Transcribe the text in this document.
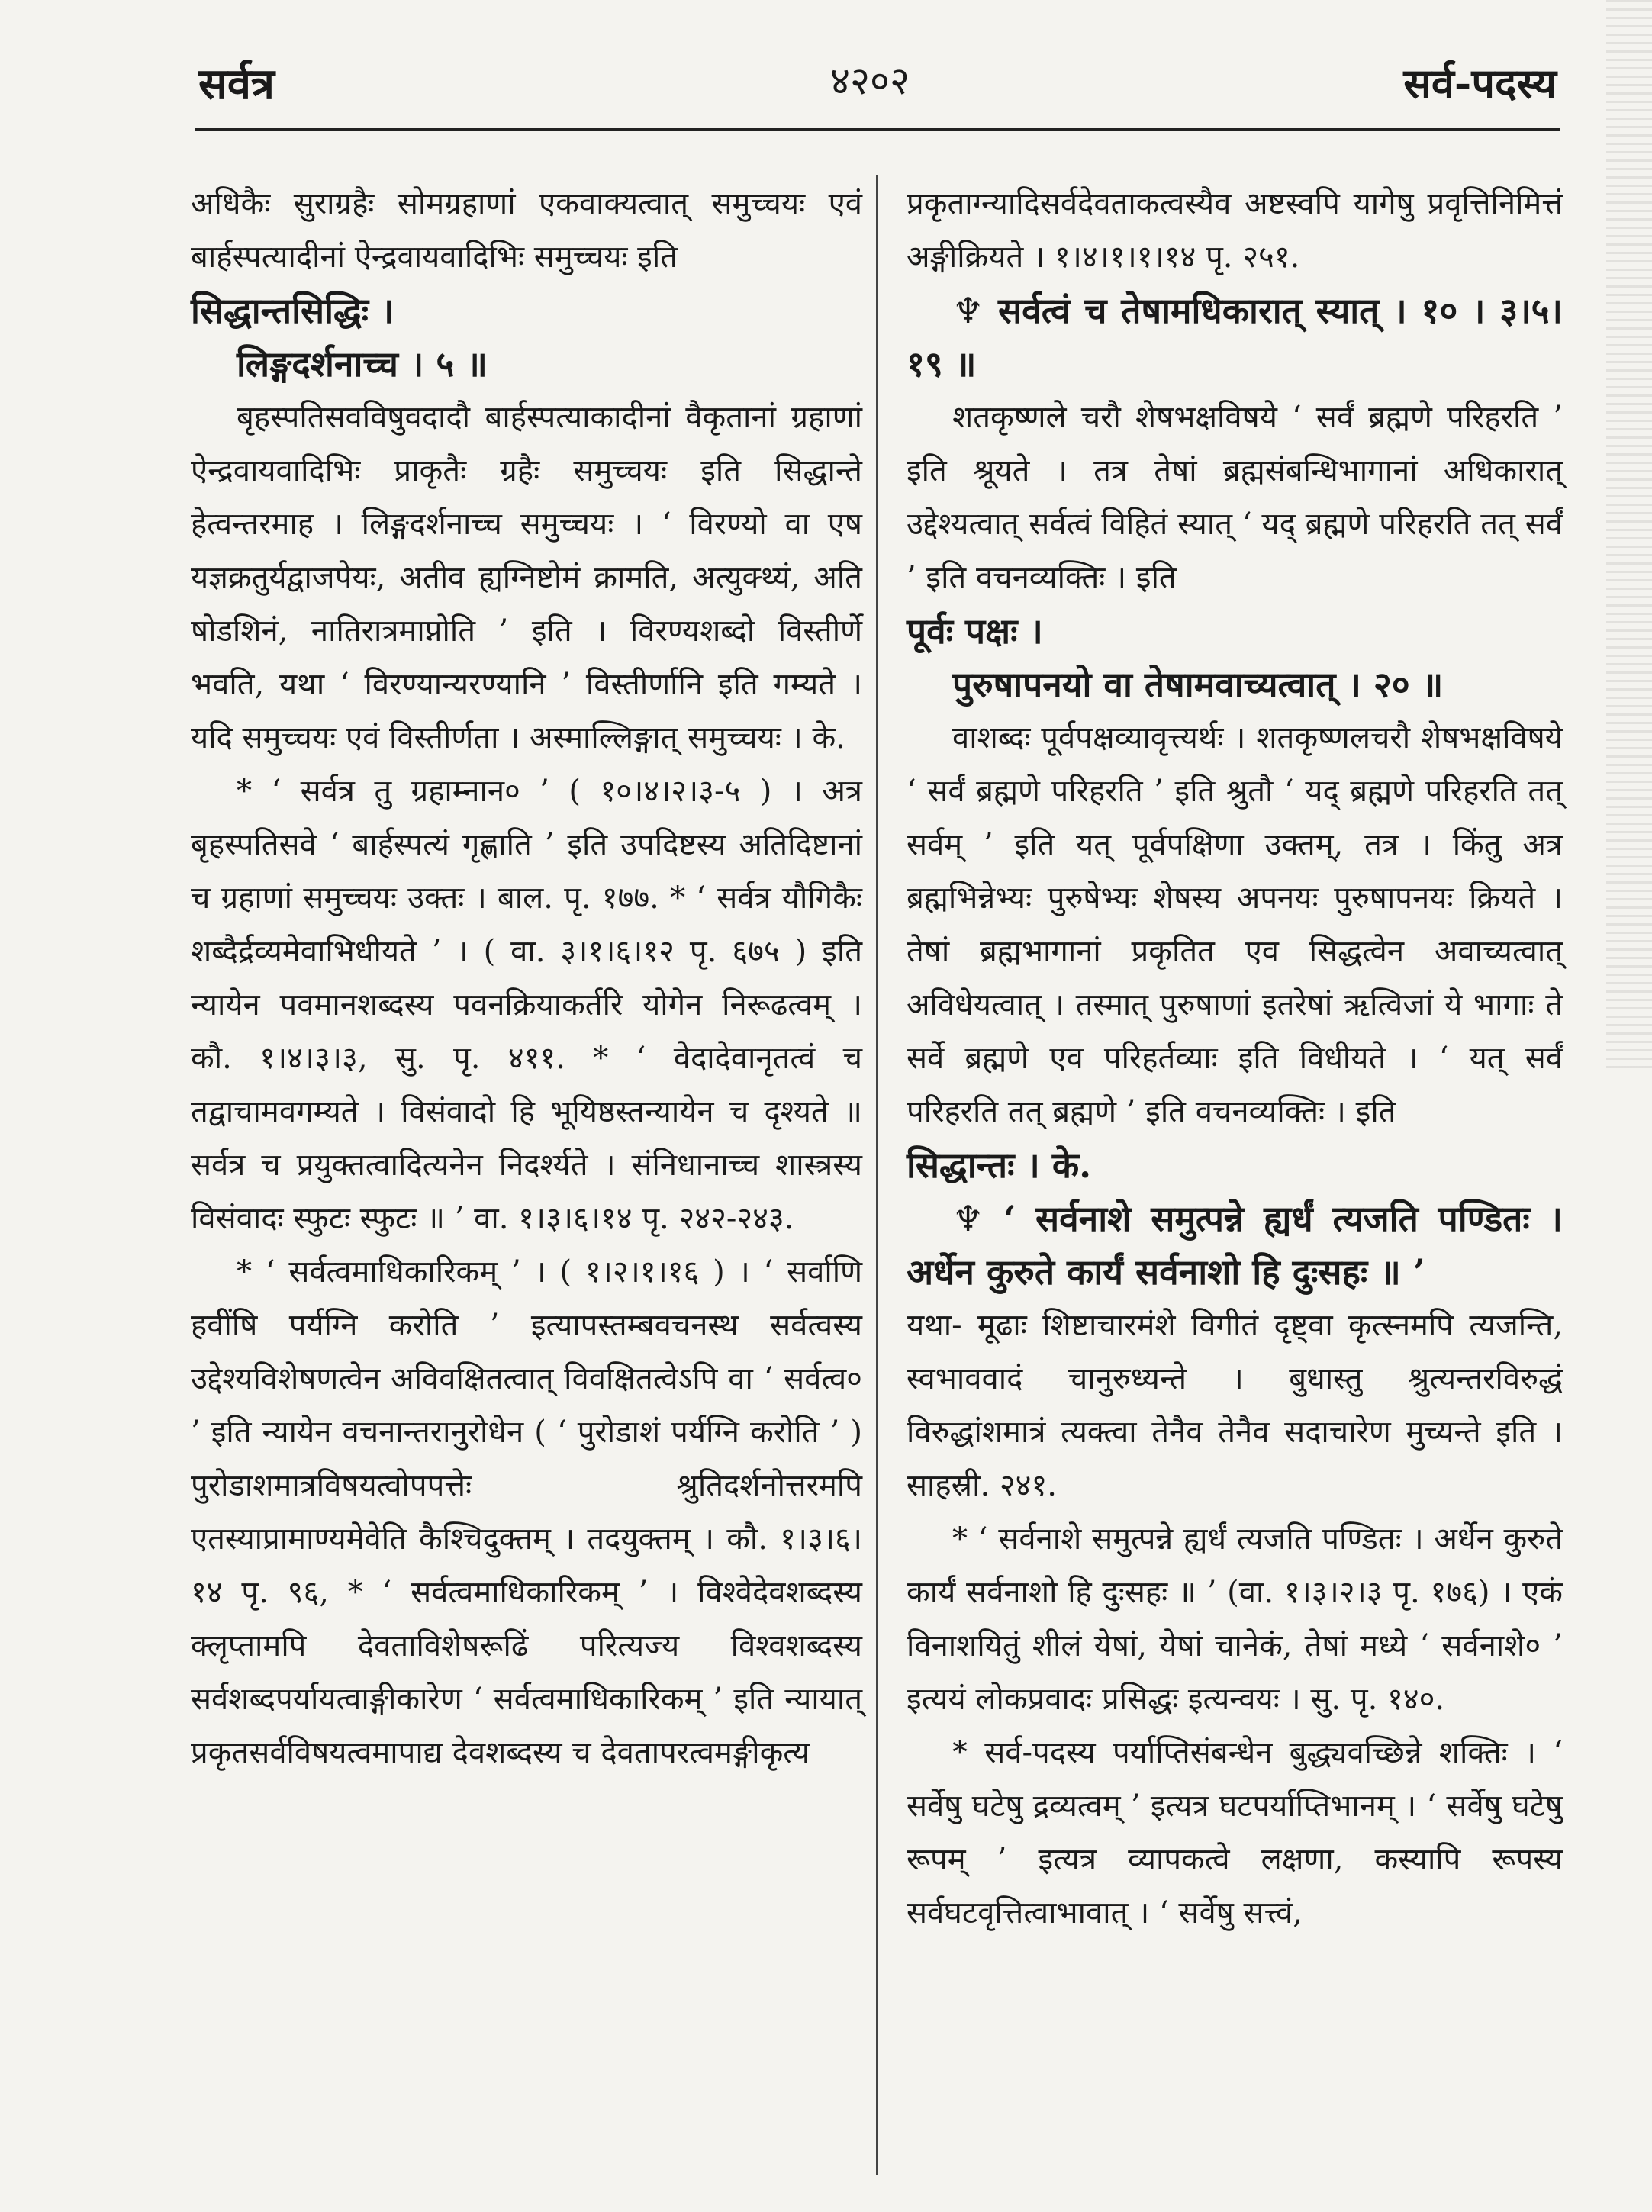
सर्वत्र	४२०२	सर्व-पदस्य

अधिकैः सुराग्रहैः सोमग्रहाणां एकवाक्यत्वात् समुच्चयः एवं बार्हस्पत्यादीनां ऐन्द्रवायवादिभिः समुच्चयः इति

सिद्धान्तसिद्धिः ।

लिङ्गदर्शनाच्च । ५ ॥

बृहस्पतिसवविषुवदादौ बार्हस्पत्याकादीनां वैकृतानां ग्रहाणां ऐन्द्रवायवादिभिः प्राकृतैः ग्रहैः समुच्चयः इति सिद्धान्ते हेत्वन्तरमाह । लिङ्गदर्शनाच्च समुच्चयः । ‘ विरण्यो वा एष यज्ञक्रतुर्यद्वाजपेयः, अतीव ह्यग्निष्टोमं क्रामति, अत्युक्थ्यं, अति षोडशिनं, नातिरात्रमाप्नोति ’ इति । विरण्यशब्दो विस्तीर्णे भवति, यथा ‘ विरण्यान्यरण्यानि ’ विस्तीर्णानि इति गम्यते । यदि समुच्चयः एवं विस्तीर्णता । अस्माल्लिङ्गात् समुच्चयः । के.

* ‘ सर्वत्र तु ग्रहाम्नान० ’ ( १०।४।२।३-५ ) । अत्र बृहस्पतिसवे ‘ बार्हस्पत्यं गृह्णाति ’ इति उपदिष्टस्य अतिदिष्टानां च ग्रहाणां समुच्चयः उक्तः । बाल. पृ. १७७. * ‘ सर्वत्र यौगिकैः शब्दैर्द्रव्यमेवाभिधीयते ’ । ( वा. ३।१।६।१२ पृ. ६७५ ) इति न्यायेन पवमानशब्दस्य पवनक्रियाकर्तरि योगेन निरूढत्वम् । कौ. १।४।३।३, सु. पृ. ४११. * ‘ वेदादेवानृतत्वं च तद्वाचामवगम्यते । विसंवादो हि भूयिष्ठस्तन्यायेन च दृश्यते ॥ सर्वत्र च प्रयुक्तत्वादित्यनेन निदर्श्यते । संनिधानाच्च शास्त्रस्य विसंवादः स्फुटः स्फुटः ॥ ’ वा. १।३।६।१४ पृ. २४२-२४३.

* ‘ सर्वत्वमाधिकारिकम् ’ । ( १।२।१।१६ ) । ‘ सर्वाणि हवींषि पर्यग्नि करोति ’ इत्यापस्तम्बवचनस्थ सर्वत्वस्य उद्देश्यविशेषणत्वेन अविवक्षितत्वात् विवक्षितत्वेऽपि वा ‘ सर्वत्व० ’ इति न्यायेन वचनान्तरानुरोधेन ( ‘ पुरोडाशं पर्यग्नि करोति ’ ) पुरोडाशमात्रविषयत्वोपपत्तेः श्रुतिदर्शनोत्तरमपि एतस्याप्रामाण्यमेवेति कैश्चिदुक्तम् । तदयुक्तम् । कौ. १।३।६।१४ पृ. ९६, * ‘ सर्वत्वमाधिकारिकम् ’ । विश्वेदेवशब्दस्य क्लृप्तामपि देवताविशेषरूढिं परित्यज्य विश्वशब्दस्य सर्वशब्दपर्यायत्वाङ्गीकारेण ‘ सर्वत्वमाधिकारिकम् ’ इति न्यायात् प्रकृतसर्वविषयत्वमापाद्य देवशब्दस्य च देवतापरत्वमङ्गीकृत्य

प्रकृताग्न्यादिसर्वदेवताकत्वस्यैव अष्टस्वपि यागेषु प्रवृत्तिनिमित्तं अङ्गीक्रियते । १।४।१।१।१४ पृ. २५१.

♆ सर्वत्वं च तेषामधिकारात् स्यात् । १० । ३।५।१९ ॥

शतकृष्णले चरौ शेषभक्षविषये ‘ सर्वं ब्रह्मणे परिहरति ’ इति श्रूयते । तत्र तेषां ब्रह्मसंबन्धिभागानां अधिकारात् उद्देश्यत्वात् सर्वत्वं विहितं स्यात् ‘ यद् ब्रह्मणे परिहरति तत् सर्वं ’ इति वचनव्यक्तिः । इति

पूर्वः पक्षः ।

पुरुषापनयो वा तेषामवाच्यत्वात् । २० ॥

वाशब्दः पूर्वपक्षव्यावृत्त्यर्थः । शतकृष्णलचरौ शेषभक्षविषये ‘ सर्वं ब्रह्मणे परिहरति ’ इति श्रुतौ ‘ यद् ब्रह्मणे परिहरति तत् सर्वम् ’ इति यत् पूर्वपक्षिणा उक्तम्, तत्र । किंतु अत्र ब्रह्मभिन्नेभ्यः पुरुषेभ्यः शेषस्य अपनयः पुरुषापनयः क्रियते । तेषां ब्रह्मभागानां प्रकृतित एव सिद्धत्वेन अवाच्यत्वात् अविधेयत्वात् । तस्मात् पुरुषाणां इतरेषां ऋत्विजां ये भागाः ते सर्वे ब्रह्मणे एव परिहर्तव्याः इति विधीयते । ‘ यत् सर्वं परिहरति तत् ब्रह्मणे ’ इति वचनव्यक्तिः । इति

सिद्धान्तः । के.

♆ ‘ सर्वनाशे समुत्पन्ने ह्यर्धं त्यजति पण्डितः । अर्धेन कुरुते कार्यं सर्वनाशो हि दुःसहः ॥ ’

यथा- मूढाः शिष्टाचारमंशे विगीतं दृष्ट्वा कृत्स्नमपि त्यजन्ति, स्वभाववादं चानुरुध्यन्ते । बुधास्तु श्रुत्यन्तरविरुद्धं विरुद्धांशमात्रं त्यक्त्वा तेनैव तेनैव सदाचारेण मुच्यन्ते इति । साहस्री. २४१.

* ‘ सर्वनाशे समुत्पन्ने ह्यर्धं त्यजति पण्डितः । अर्धेन कुरुते कार्यं सर्वनाशो हि दुःसहः ॥ ’ (वा. १।३।२।३ पृ. १७६) । एकं विनाशयितुं शीलं येषां, येषां चानेकं, तेषां मध्ये ‘ सर्वनाशे० ’ इत्ययं लोकप्रवादः प्रसिद्धः इत्यन्वयः । सु. पृ. १४०.

* सर्व-पदस्य पर्याप्तिसंबन्धेन बुद्ध्यवच्छिन्ने शक्तिः । ‘ सर्वेषु घटेषु द्रव्यत्वम् ’ इत्यत्र घटपर्याप्तिभानम् । ‘ सर्वेषु घटेषु रूपम् ’ इत्यत्र व्यापकत्वे लक्षणा, कस्यापि रूपस्य सर्वघटवृत्तित्वाभावात् । ‘ सर्वेषु सत्त्वं,
